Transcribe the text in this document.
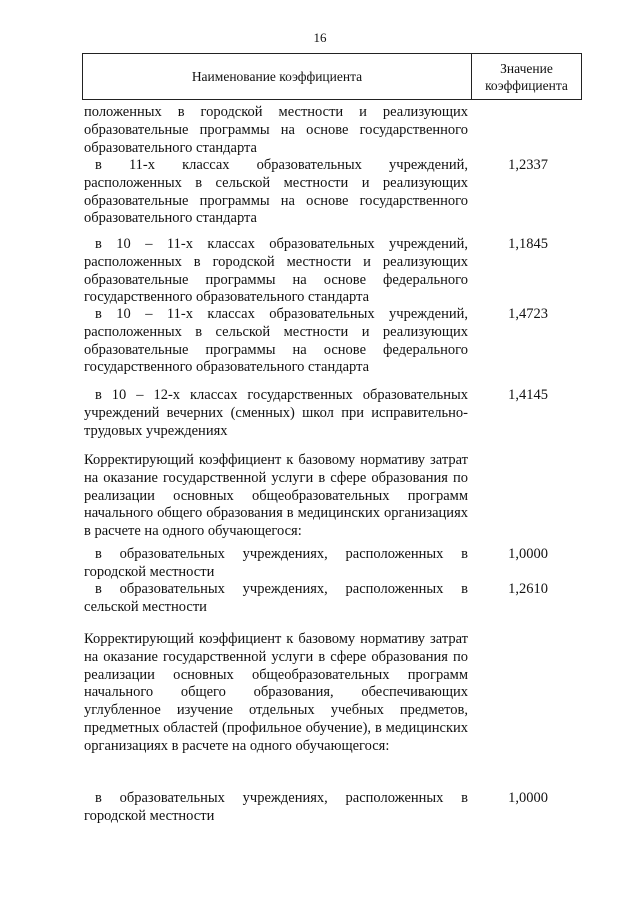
16
Наименование коэффициента
Значение
коэффициента
положенных в городской местности и реализующих образовательные программы на основе государственного образовательного стандарта
в 11-х классах образовательных учреждений, расположенных в сельской местности и реализующих образовательные программы на основе государственного образовательного стандарта
1,2337
в 10 – 11-х классах образовательных учреждений, расположенных в городской местности и реализующих образовательные программы на основе федерального государственного образовательного стандарта
1,1845
в 10 – 11-х классах образовательных учреждений, расположенных в сельской местности и реализующих образовательные программы на основе федерального государственного образовательного стандарта
1,4723
в 10 – 12-х классах государственных образовательных учреждений вечерних (сменных) школ при исправительно-трудовых учреждениях
1,4145
Корректирующий коэффициент к базовому нормативу затрат на оказание государственной услуги в сфере образования по реализации основных общеобразовательных программ начального общего образования в медицинских организациях в расчете на одного обучающегося:
в образовательных учреждениях, расположенных в городской местности
1,0000
в образовательных учреждениях, расположенных в сельской местности
1,2610
Корректирующий коэффициент к базовому нормативу затрат на оказание государственной услуги в сфере образования по реализации основных общеобразовательных программ начального общего образования, обеспечивающих углубленное изучение отдельных учебных предметов, предметных областей (профильное обучение), в медицинских организациях в расчете на одного обучающегося:
в образовательных учреждениях, расположенных в городской местности
1,0000
